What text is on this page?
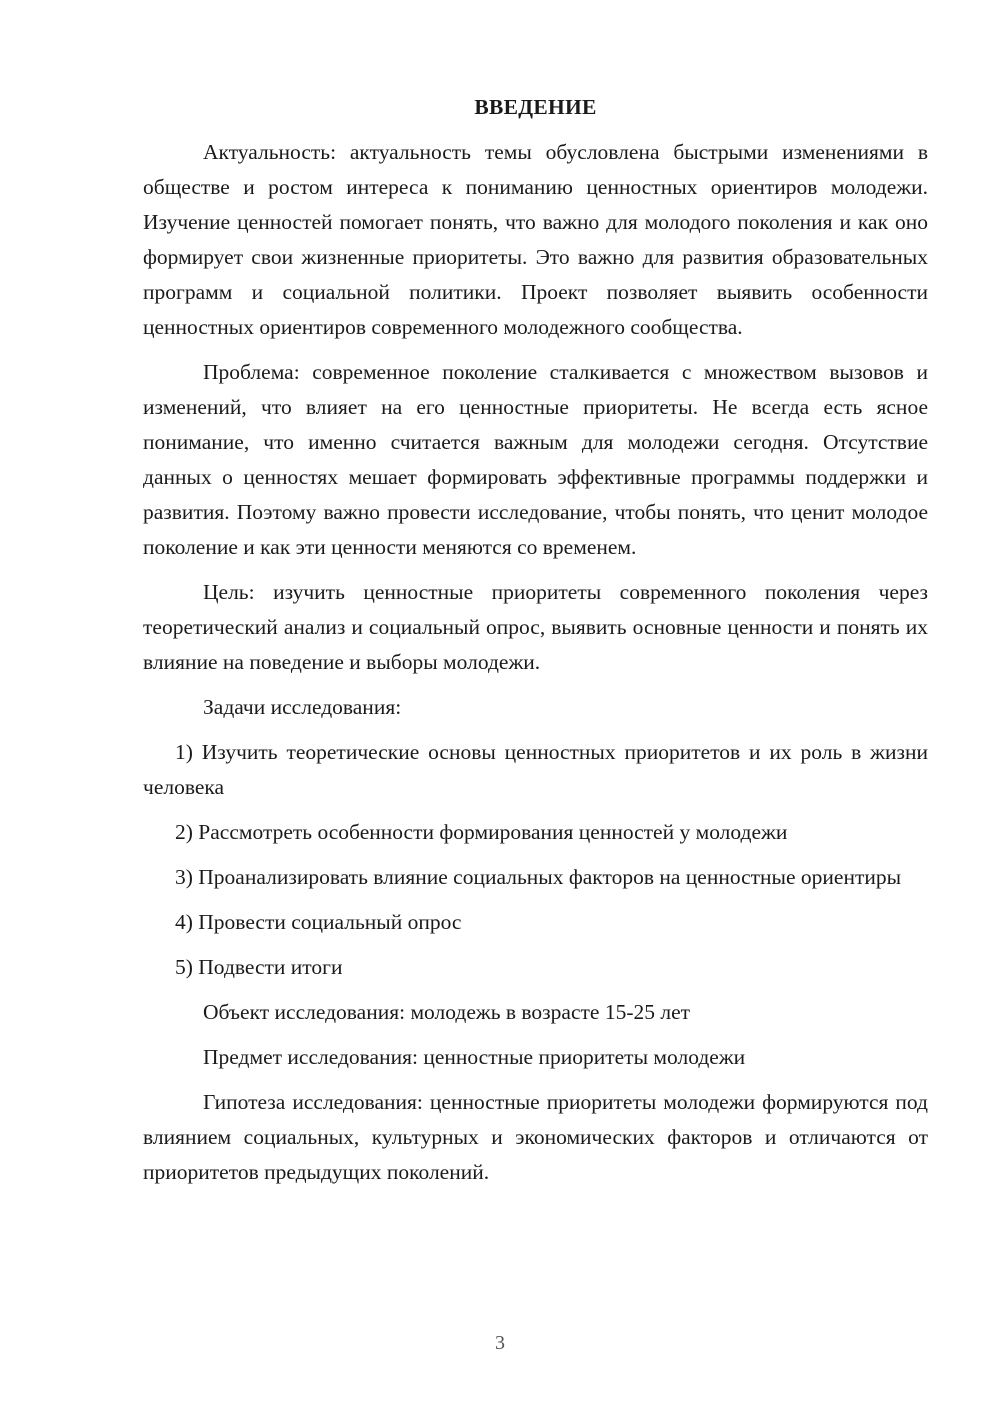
ВВЕДЕНИЕ

Актуальность: актуальность темы обусловлена быстрыми изменениями в обществе и ростом интереса к пониманию ценностных ориентиров молодежи. Изучение ценностей помогает понять, что важно для молодого поколения и как оно формирует свои жизненные приоритеты. Это важно для развития образовательных программ и социальной политики. Проект позволяет выявить особенности ценностных ориентиров современного молодежного сообщества.

Проблема: современное поколение сталкивается с множеством вызовов и изменений, что влияет на его ценностные приоритеты. Не всегда есть ясное понимание, что именно считается важным для молодежи сегодня. Отсутствие данных о ценностях мешает формировать эффективные программы поддержки и развития. Поэтому важно провести исследование, чтобы понять, что ценит молодое поколение и как эти ценности меняются со временем.

Цель: изучить ценностные приоритеты современного поколения через теоретический анализ и социальный опрос, выявить основные ценности и понять их влияние на поведение и выборы молодежи.

Задачи исследования:

1) Изучить теоретические основы ценностных приоритетов и их роль в жизни человека

2) Рассмотреть особенности формирования ценностей у молодежи

3) Проанализировать влияние социальных факторов на ценностные ориентиры

4) Провести социальный опрос

5) Подвести итоги

Объект исследования: молодежь в возрасте 15-25 лет

Предмет исследования: ценностные приоритеты молодежи

Гипотеза исследования: ценностные приоритеты молодежи формируются под влиянием социальных, культурных и экономических факторов и отличаются от приоритетов предыдущих поколений.

3
